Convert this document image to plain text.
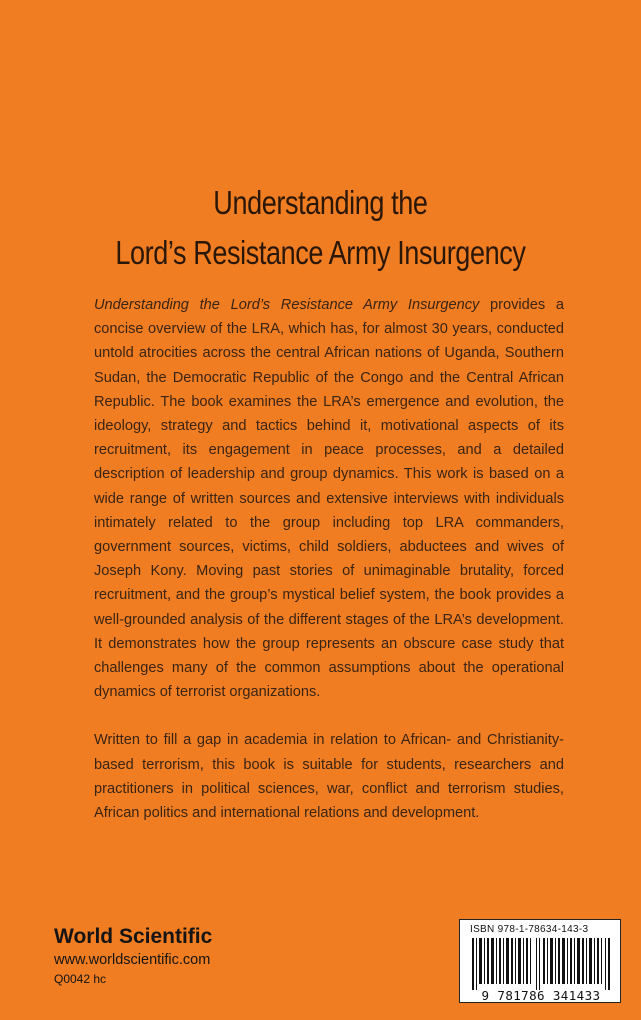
Understanding the
Lord’s Resistance Army Insurgency

Understanding the Lord’s Resistance Army Insurgency provides a concise overview of the LRA, which has, for almost 30 years, conducted untold atrocities across the central African nations of Uganda, Southern Sudan, the Democratic Republic of the Congo and the Central African Republic. The book examines the LRA’s emergence and evolution, the ideology, strategy and tactics behind it, motivational aspects of its recruitment, its engagement in peace processes, and a detailed description of leadership and group dynamics. This work is based on a wide range of written sources and extensive interviews with individuals intimately related to the group including top LRA commanders, government sources, victims, child soldiers, abductees and wives of Joseph Kony. Moving past stories of unimaginable brutality, forced recruitment, and the group’s mystical belief system, the book provides a well-grounded analysis of the different stages of the LRA’s development. It demonstrates how the group represents an obscure case study that challenges many of the common assumptions about the operational dynamics of terrorist organizations.

Written to fill a gap in academia in relation to African- and Christianity-based terrorism, this book is suitable for students, researchers and practitioners in political sciences, war, conflict and terrorism studies, African politics and international relations and development.

World Scientific
www.worldscientific.com
Q0042 hc
ISBN 978-1-78634-143-3
9 781786 341433
